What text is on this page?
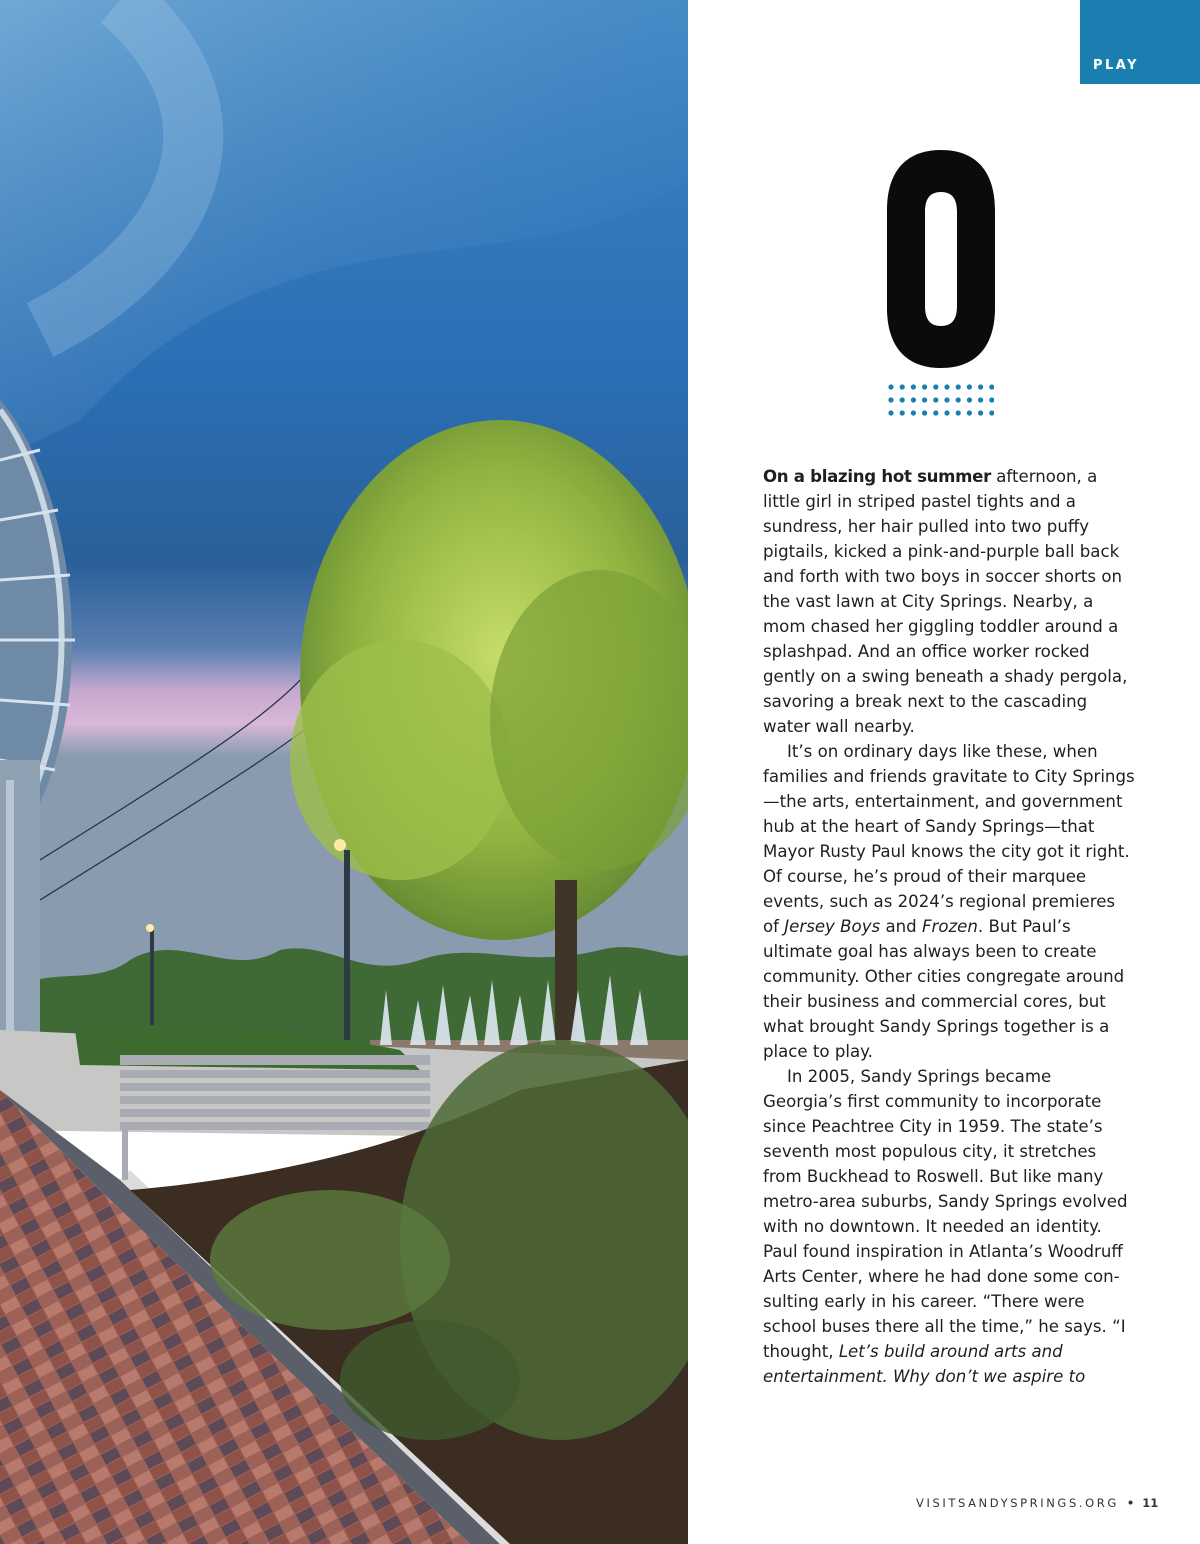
PLAY
O

On a blazing hot summer afternoon, a little girl in striped pastel tights and a sundress, her hair pulled into two puffy pigtails, kicked a pink-and-purple ball back and forth with two boys in soccer shorts on the vast lawn at City Springs. Nearby, a mom chased her giggling toddler around a splashpad. And an office worker rocked gently on a swing beneath a shady pergola, savoring a break next to the cascading water wall nearby.

It’s on ordinary days like these, when families and friends gravitate to City Springs—the arts, entertainment, and government hub at the heart of Sandy Springs—that Mayor Rusty Paul knows the city got it right. Of course, he’s proud of their marquee events, such as 2024’s regional premieres of Jersey Boys and Frozen. But Paul’s ultimate goal has always been to create community. Other cities congregate around their business and commercial cores, but what brought Sandy Springs together is a place to play.

In 2005, Sandy Springs became Georgia’s first community to incorporate since Peachtree City in 1959. The state’s seventh most populous city, it stretches from Buckhead to Roswell. But like many metro-area suburbs, Sandy Springs evolved with no downtown. It needed an identity. Paul found inspiration in Atlanta’s Woodruff Arts Center, where he had done some consulting early in his career. “There were school buses there all the time,” he says. “I thought, Let’s build around arts and entertainment. Why don’t we aspire to

VISITSANDYSPRINGS.ORG • 11
